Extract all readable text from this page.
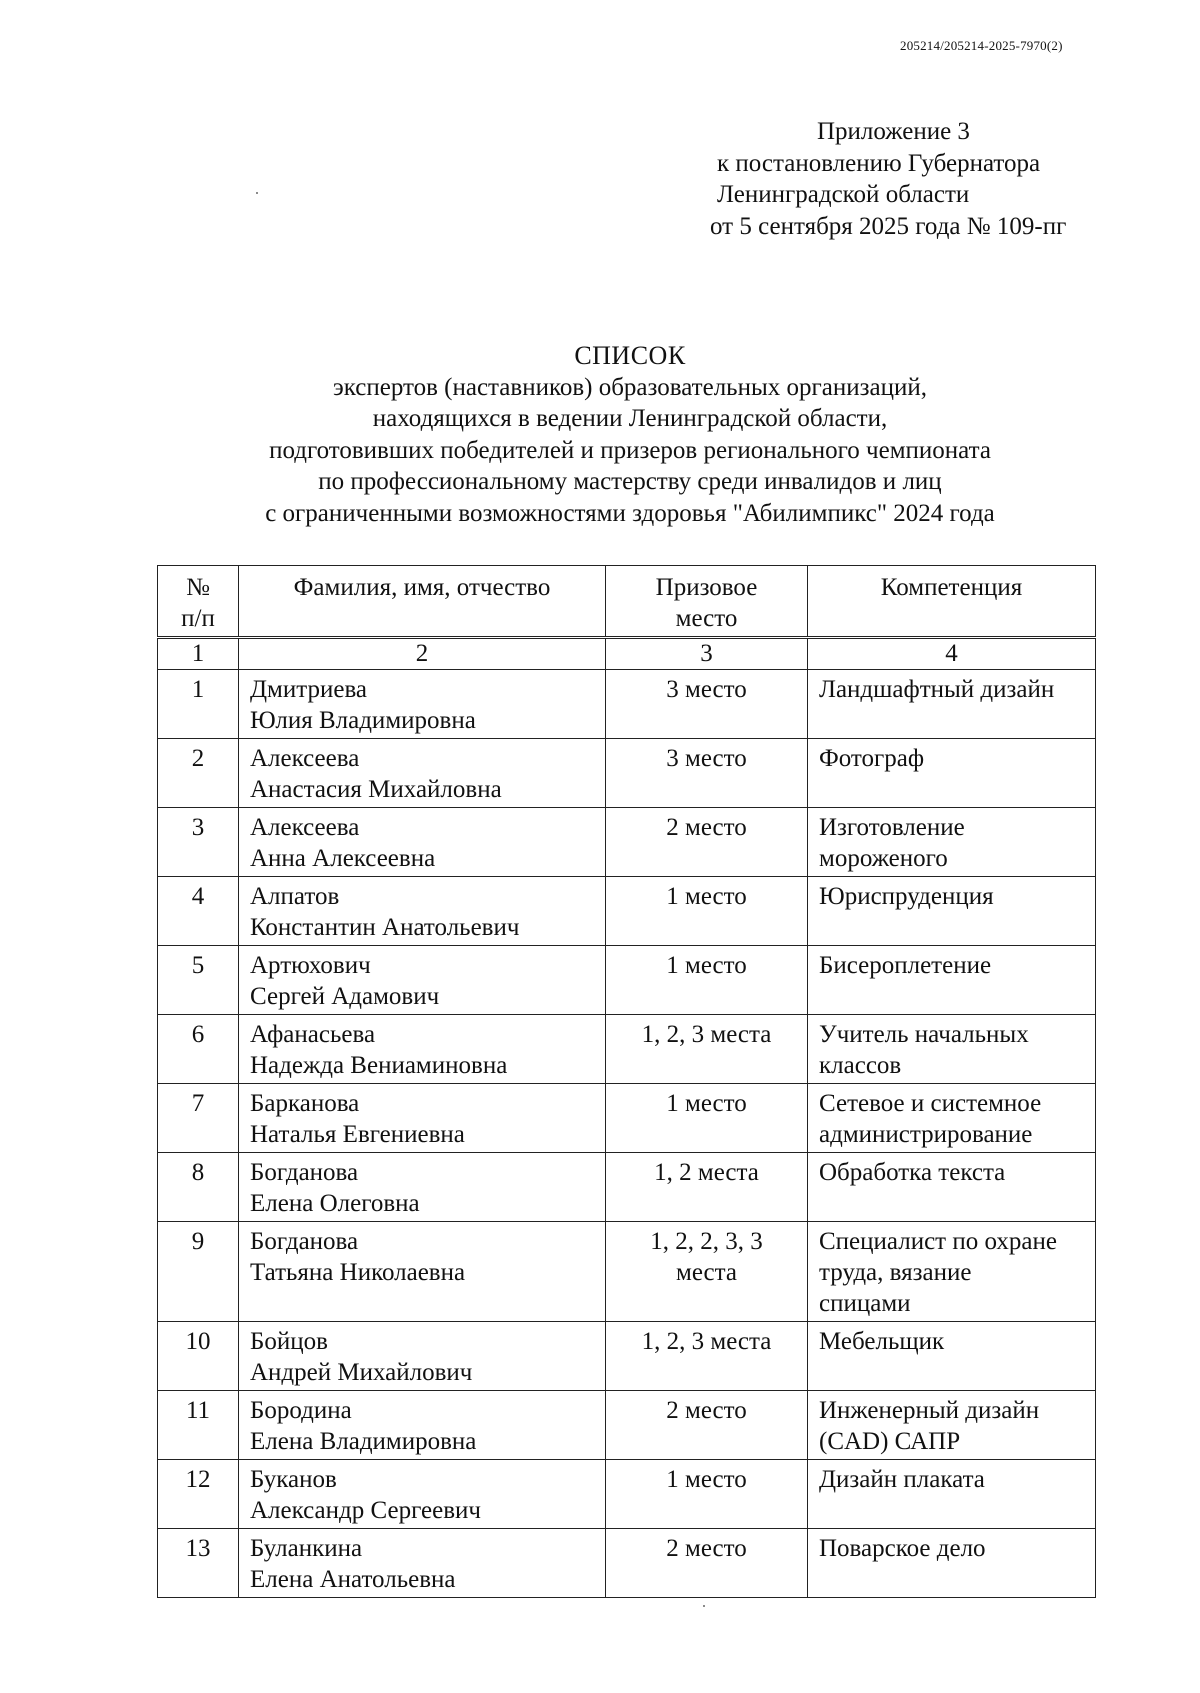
205214/205214-2025-7970(2)
Приложение 3
к постановлению Губернатора
Ленинградской области
от 5 сентября 2025 года № 109-пг
СПИСОК
экспертов (наставников) образовательных организаций,
находящихся в ведении Ленинградской области,
подготовивших победителей и призеров регионального чемпионата
по профессиональному мастерству среди инвалидов и лиц
с ограниченными возможностями здоровья "Абилимпикс" 2024 года
№
п/п	Фамилия, имя, отчество	Призовое
место	Компетенция

1	2	3	4
1	Дмитриева
Юлия Владимировна	3 место	Ландшафтный дизайн

2	Алексеева
Анастасия Михайловна	3 место	Фотограф

3	Алексеева
Анна Алексеевна	2 место	Изготовление
мороженого

4	Алпатов
Константин Анатольевич	1 место	Юриспруденция

5	Артюхович
Сергей Адамович	1 место	Бисероплетение

6	Афанасьева
Надежда Вениаминовна	1, 2, 3 места	Учитель начальных
классов

7	Барканова
Наталья Евгениевна	1 место	Сетевое и системное
администрирование

8	Богданова
Елена Олеговна	1, 2 места	Обработка текста

9	Богданова
Татьяна Николаевна	1, 2, 2, 3, 3
места	Специалист по охране
труда, вязание
спицами

10	Бойцов
Андрей Михайлович	1, 2, 3 места	Мебельщик

11	Бородина
Елена Владимировна	2 место	Инженерный дизайн
(CAD) САПР

12	Буканов
Александр Сергеевич	1 место	Дизайн плаката

13	Буланкина
Елена Анатольевна	2 место	Поварское дело
